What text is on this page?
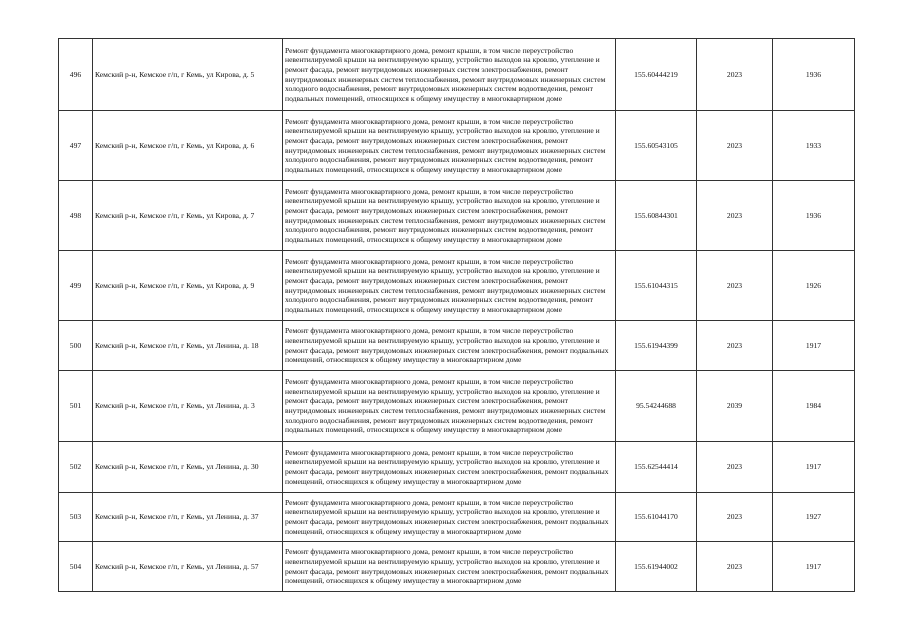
496	Кемский р-н, Кемское г/п, г Кемь, ул Кирова, д. 5	Ремонт фундамента многоквартирного дома, ремонт крыши, в том числе переустройство невентилируемой крыши на вентилируемую крышу, устройство выходов на кровлю, утепление и ремонт фасада, ремонт внутридомовых инженерных систем электроснабжения, ремонт внутридомовых инженерных систем теплоснабжения, ремонт внутридомовых инженерных систем холодного водоснабжения, ремонт внутридомовых инженерных систем водоотведения, ремонт подвальных помещений, относящихся к общему имуществу в многоквартирном доме	155.60444219	2023	1936
497	Кемский р-н, Кемское г/п, г Кемь, ул Кирова, д. 6	Ремонт фундамента многоквартирного дома, ремонт крыши, в том числе переустройство невентилируемой крыши на вентилируемую крышу, устройство выходов на кровлю, утепление и ремонт фасада, ремонт внутридомовых инженерных систем электроснабжения, ремонт внутридомовых инженерных систем теплоснабжения, ремонт внутридомовых инженерных систем холодного водоснабжения, ремонт внутридомовых инженерных систем водоотведения, ремонт подвальных помещений, относящихся к общему имуществу в многоквартирном доме	155.60543105	2023	1933
498	Кемский р-н, Кемское г/п, г Кемь, ул Кирова, д. 7	Ремонт фундамента многоквартирного дома, ремонт крыши, в том числе переустройство невентилируемой крыши на вентилируемую крышу, устройство выходов на кровлю, утепление и ремонт фасада, ремонт внутридомовых инженерных систем электроснабжения, ремонт внутридомовых инженерных систем теплоснабжения, ремонт внутридомовых инженерных систем холодного водоснабжения, ремонт внутридомовых инженерных систем водоотведения, ремонт подвальных помещений, относящихся к общему имуществу в многоквартирном доме	155.60844301	2023	1936
499	Кемский р-н, Кемское г/п, г Кемь, ул Кирова, д. 9	Ремонт фундамента многоквартирного дома, ремонт крыши, в том числе переустройство невентилируемой крыши на вентилируемую крышу, устройство выходов на кровлю, утепление и ремонт фасада, ремонт внутридомовых инженерных систем электроснабжения, ремонт внутридомовых инженерных систем теплоснабжения, ремонт внутридомовых инженерных систем холодного водоснабжения, ремонт внутридомовых инженерных систем водоотведения, ремонт подвальных помещений, относящихся к общему имуществу в многоквартирном доме	155.61044315	2023	1926
500	Кемский р-н, Кемское г/п, г Кемь, ул Ленина, д. 18	Ремонт фундамента многоквартирного дома, ремонт крыши, в том числе переустройство невентилируемой крыши на вентилируемую крышу, устройство выходов на кровлю, утепление и ремонт фасада, ремонт внутридомовых инженерных систем электроснабжения, ремонт подвальных помещений, относящихся к общему имуществу в многоквартирном доме	155.61944399	2023	1917
501	Кемский р-н, Кемское г/п, г Кемь, ул Ленина, д. 3	Ремонт фундамента многоквартирного дома, ремонт крыши, в том числе переустройство невентилируемой крыши на вентилируемую крышу, устройство выходов на кровлю, утепление и ремонт фасада, ремонт внутридомовых инженерных систем электроснабжения, ремонт внутридомовых инженерных систем теплоснабжения, ремонт внутридомовых инженерных систем холодного водоснабжения, ремонт внутридомовых инженерных систем водоотведения, ремонт подвальных помещений, относящихся к общему имуществу в многоквартирном доме	95.54244688	2039	1984
502	Кемский р-н, Кемское г/п, г Кемь, ул Ленина, д. 30	Ремонт фундамента многоквартирного дома, ремонт крыши, в том числе переустройство невентилируемой крыши на вентилируемую крышу, устройство выходов на кровлю, утепление и ремонт фасада, ремонт внутридомовых инженерных систем электроснабжения, ремонт подвальных помещений, относящихся к общему имуществу в многоквартирном доме	155.62544414	2023	1917
503	Кемский р-н, Кемское г/п, г Кемь, ул Ленина, д. 37	Ремонт фундамента многоквартирного дома, ремонт крыши, в том числе переустройство невентилируемой крыши на вентилируемую крышу, устройство выходов на кровлю, утепление и ремонт фасада, ремонт внутридомовых инженерных систем электроснабжения, ремонт подвальных помещений, относящихся к общему имуществу в многоквартирном доме	155.61044170	2023	1927
504	Кемский р-н, Кемское г/п, г Кемь, ул Ленина, д. 57	Ремонт фундамента многоквартирного дома, ремонт крыши, в том числе переустройство невентилируемой крыши на вентилируемую крышу, устройство выходов на кровлю, утепление и ремонт фасада, ремонт внутридомовых инженерных систем электроснабжения, ремонт подвальных помещений, относящихся к общему имуществу в многоквартирном доме	155.61944002	2023	1917
